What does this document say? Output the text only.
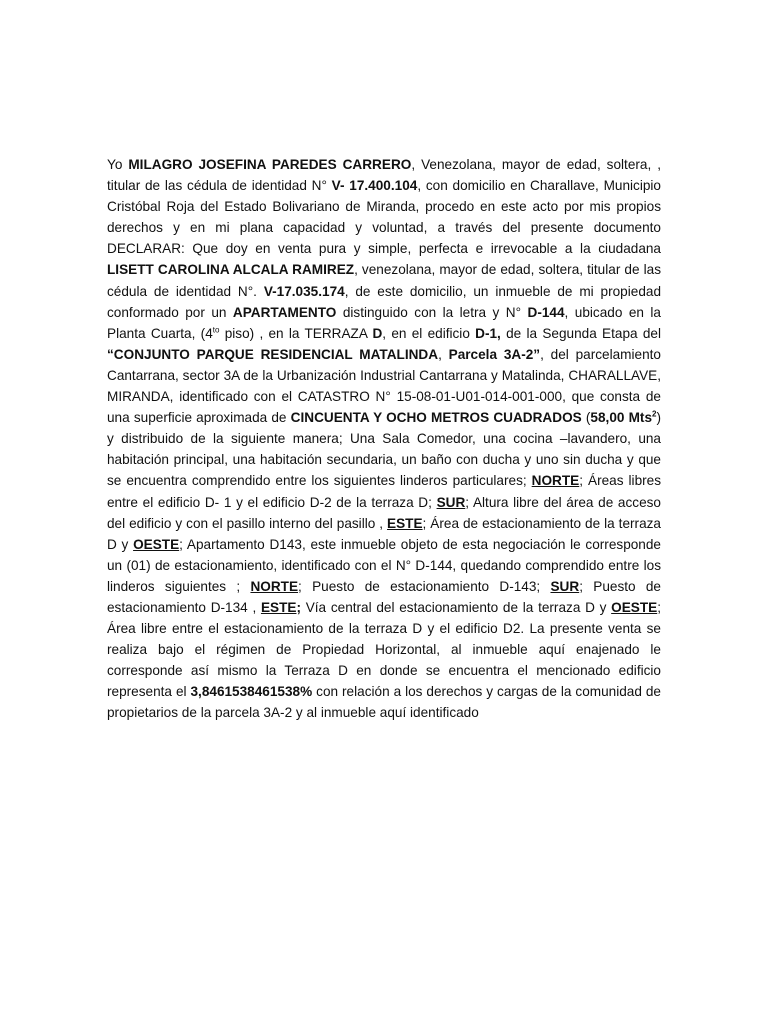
Yo MILAGRO JOSEFINA PAREDES CARRERO, Venezolana, mayor de edad, soltera, , titular de las cédula de identidad N° V- 17.400.104, con domicilio en Charallave, Municipio Cristóbal Roja del Estado Bolivariano de Miranda, procedo en este acto por mis propios derechos y en mi plana capacidad y voluntad, a través del presente documento DECLARAR: Que doy en venta pura y simple, perfecta e irrevocable a la ciudadana LISETT CAROLINA ALCALA RAMIREZ, venezolana, mayor de edad, soltera, titular de las cédula de identidad N°. V-17.035.174, de este domicilio, un inmueble de mi propiedad conformado por un APARTAMENTO distinguido con la letra y N° D-144, ubicado en la Planta Cuarta, ($4^{to}$ piso) , en la TERRAZA D, en el edificio D-1, de la Segunda Etapa del “CONJUNTO PARQUE RESIDENCIAL MATALINDA, Parcela 3A-2”, del parcelamiento Cantarrana, sector 3A de la Urbanización Industrial Cantarrana y Matalinda, CHARALLAVE, MIRANDA, identificado con el CATASTRO N° 15-08-01-U01-014-001-000, que consta de una superficie aproximada de CINCUENTA Y OCHO METROS CUADRADOS (58,00 Mts$^2$) y distribuido de la siguiente manera; Una Sala Comedor, una cocina –lavandero, una habitación principal, una habitación secundaria, un baño con ducha y uno sin ducha y que se encuentra comprendido entre los siguientes linderos particulares; NORTE; Áreas libres entre el edificio D- 1 y el edificio D-2 de la terraza D; SUR; Altura libre del área de acceso del edificio y con el pasillo interno del pasillo , ESTE; Área de estacionamiento de la terraza D y OESTE; Apartamento D143, este inmueble objeto de esta negociación le corresponde un (01) de estacionamiento, identificado con el N° D-144, quedando comprendido entre los linderos siguientes ; NORTE; Puesto de estacionamiento D-143; SUR; Puesto de estacionamiento D-134 , ESTE; Vía central del estacionamiento de la terraza D y OESTE; Área libre entre el estacionamiento de la terraza D y el edificio D2. La presente venta se realiza bajo el régimen de Propiedad Horizontal, al inmueble aquí enajenado le corresponde así mismo la Terraza D en donde se encuentra el mencionado edificio representa el 3,8461538461538% con relación a los derechos y cargas de la comunidad de propietarios de la parcela 3A-2 y al inmueble aquí identificado
